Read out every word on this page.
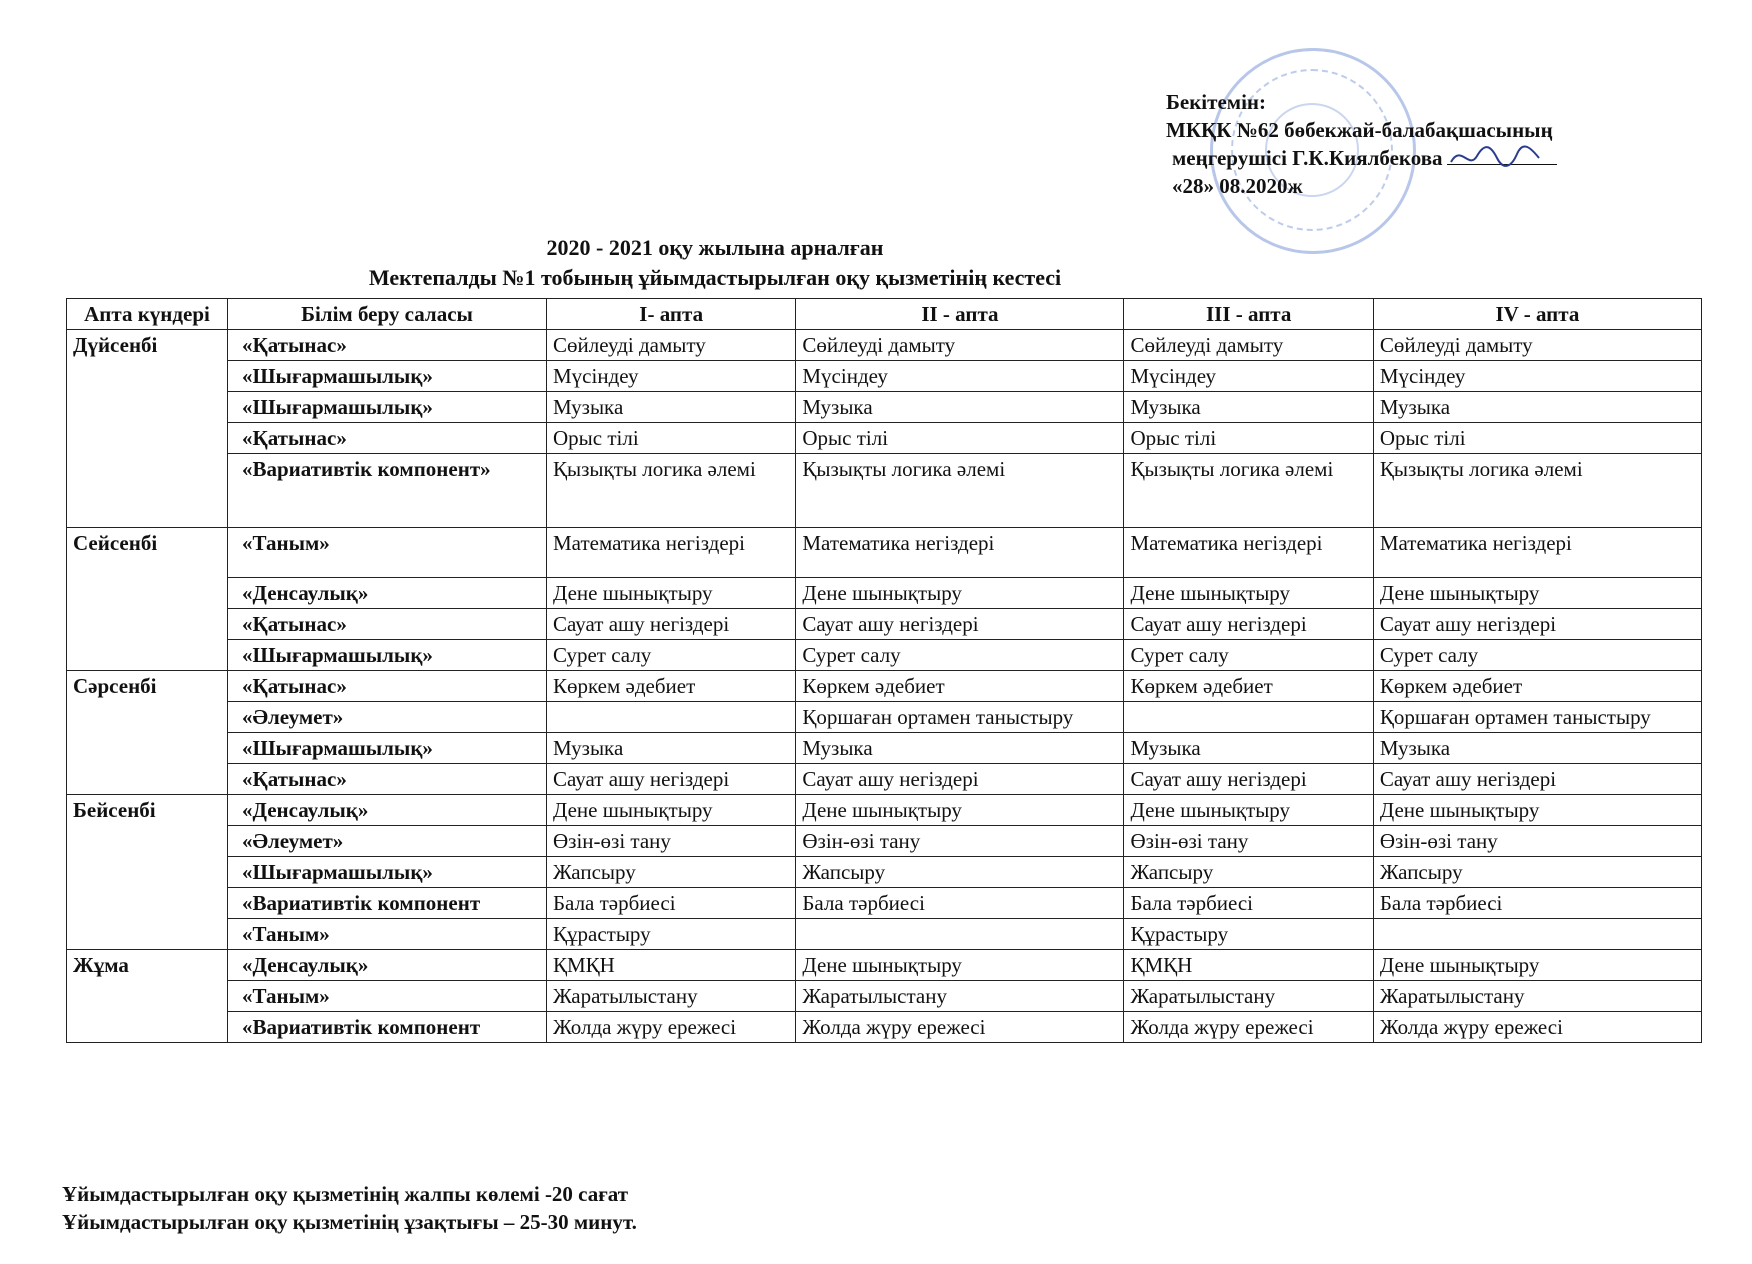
Бекітемін:
МКҚК №62 бөбекжай-балабақшасының
меңгерушісі Г.К.Киялбекова
«28» 08.2020ж
2020 - 2021 оқу жылына арналған
Мектепалды №1 тобының ұйымдастырылған оқу қызметінің кестесі
Апта күндері	Білім беру саласы	I- апта	II - апта	III - апта	IV - апта
Дүйсенбі	«Қатынас»	Сөйлеуді дамыту	Сөйлеуді дамыту	Сөйлеуді дамыту	Сөйлеуді дамыту
	«Шығармашылық»	Мүсіндеу	Мүсіндеу	Мүсіндеу	Мүсіндеу
	«Шығармашылық»	Музыка	Музыка	Музыка	Музыка
	«Қатынас»	Орыс тілі	Орыс тілі	Орыс тілі	Орыс тілі
	«Вариативтік компонент»	Қызықты логика әлемі	Қызықты логика әлемі	Қызықты логика әлемі	Қызықты логика әлемі
Сейсенбі	«Таным»	Математика негіздері	Математика негіздері	Математика негіздері	Математика негіздері
	«Денсаулық»	Дене шынықтыру	Дене шынықтыру	Дене шынықтыру	Дене шынықтыру
	«Қатынас»	Сауат ашу негіздері	Сауат ашу негіздері	Сауат ашу негіздері	Сауат ашу негіздері
	«Шығармашылық»	Сурет салу	Сурет салу	Сурет салу	Сурет салу
Сәрсенбі	«Қатынас»	Көркем әдебиет	Көркем әдебиет	Көркем әдебиет	Көркем әдебиет
	«Әлеумет»		Қоршаған ортамен таныстыру		Қоршаған ортамен таныстыру
	«Шығармашылық»	Музыка	Музыка	Музыка	Музыка
	«Қатынас»	Сауат ашу негіздері	Сауат ашу негіздері	Сауат ашу негіздері	Сауат ашу негіздері
Бейсенбі	«Денсаулық»	Дене шынықтыру	Дене шынықтыру	Дене шынықтыру	Дене шынықтыру
	«Әлеумет»	Өзін-өзі тану	Өзін-өзі тану	Өзін-өзі тану	Өзін-өзі тану
	«Шығармашылық»	Жапсыру	Жапсыру	Жапсыру	Жапсыру
	«Вариативтік компонент	Бала тәрбиесі	Бала тәрбиесі	Бала тәрбиесі	Бала тәрбиесі
	«Таным»	Құрастыру		Құрастыру	
Жұма	«Денсаулық»	ҚМҚН	Дене шынықтыру	ҚМҚН	Дене шынықтыру
	«Таным»	Жаратылыстану	Жаратылыстану	Жаратылыстану	Жаратылыстану
	«Вариативтік компонент	Жолда жүру ережесі	Жолда жүру ережесі	Жолда жүру ережесі	Жолда жүру ережесі
Ұйымдастырылған оқу қызметінің жалпы көлемі -20 сағат
Ұйымдастырылған оқу қызметінің ұзақтығы – 25-30 минут.
